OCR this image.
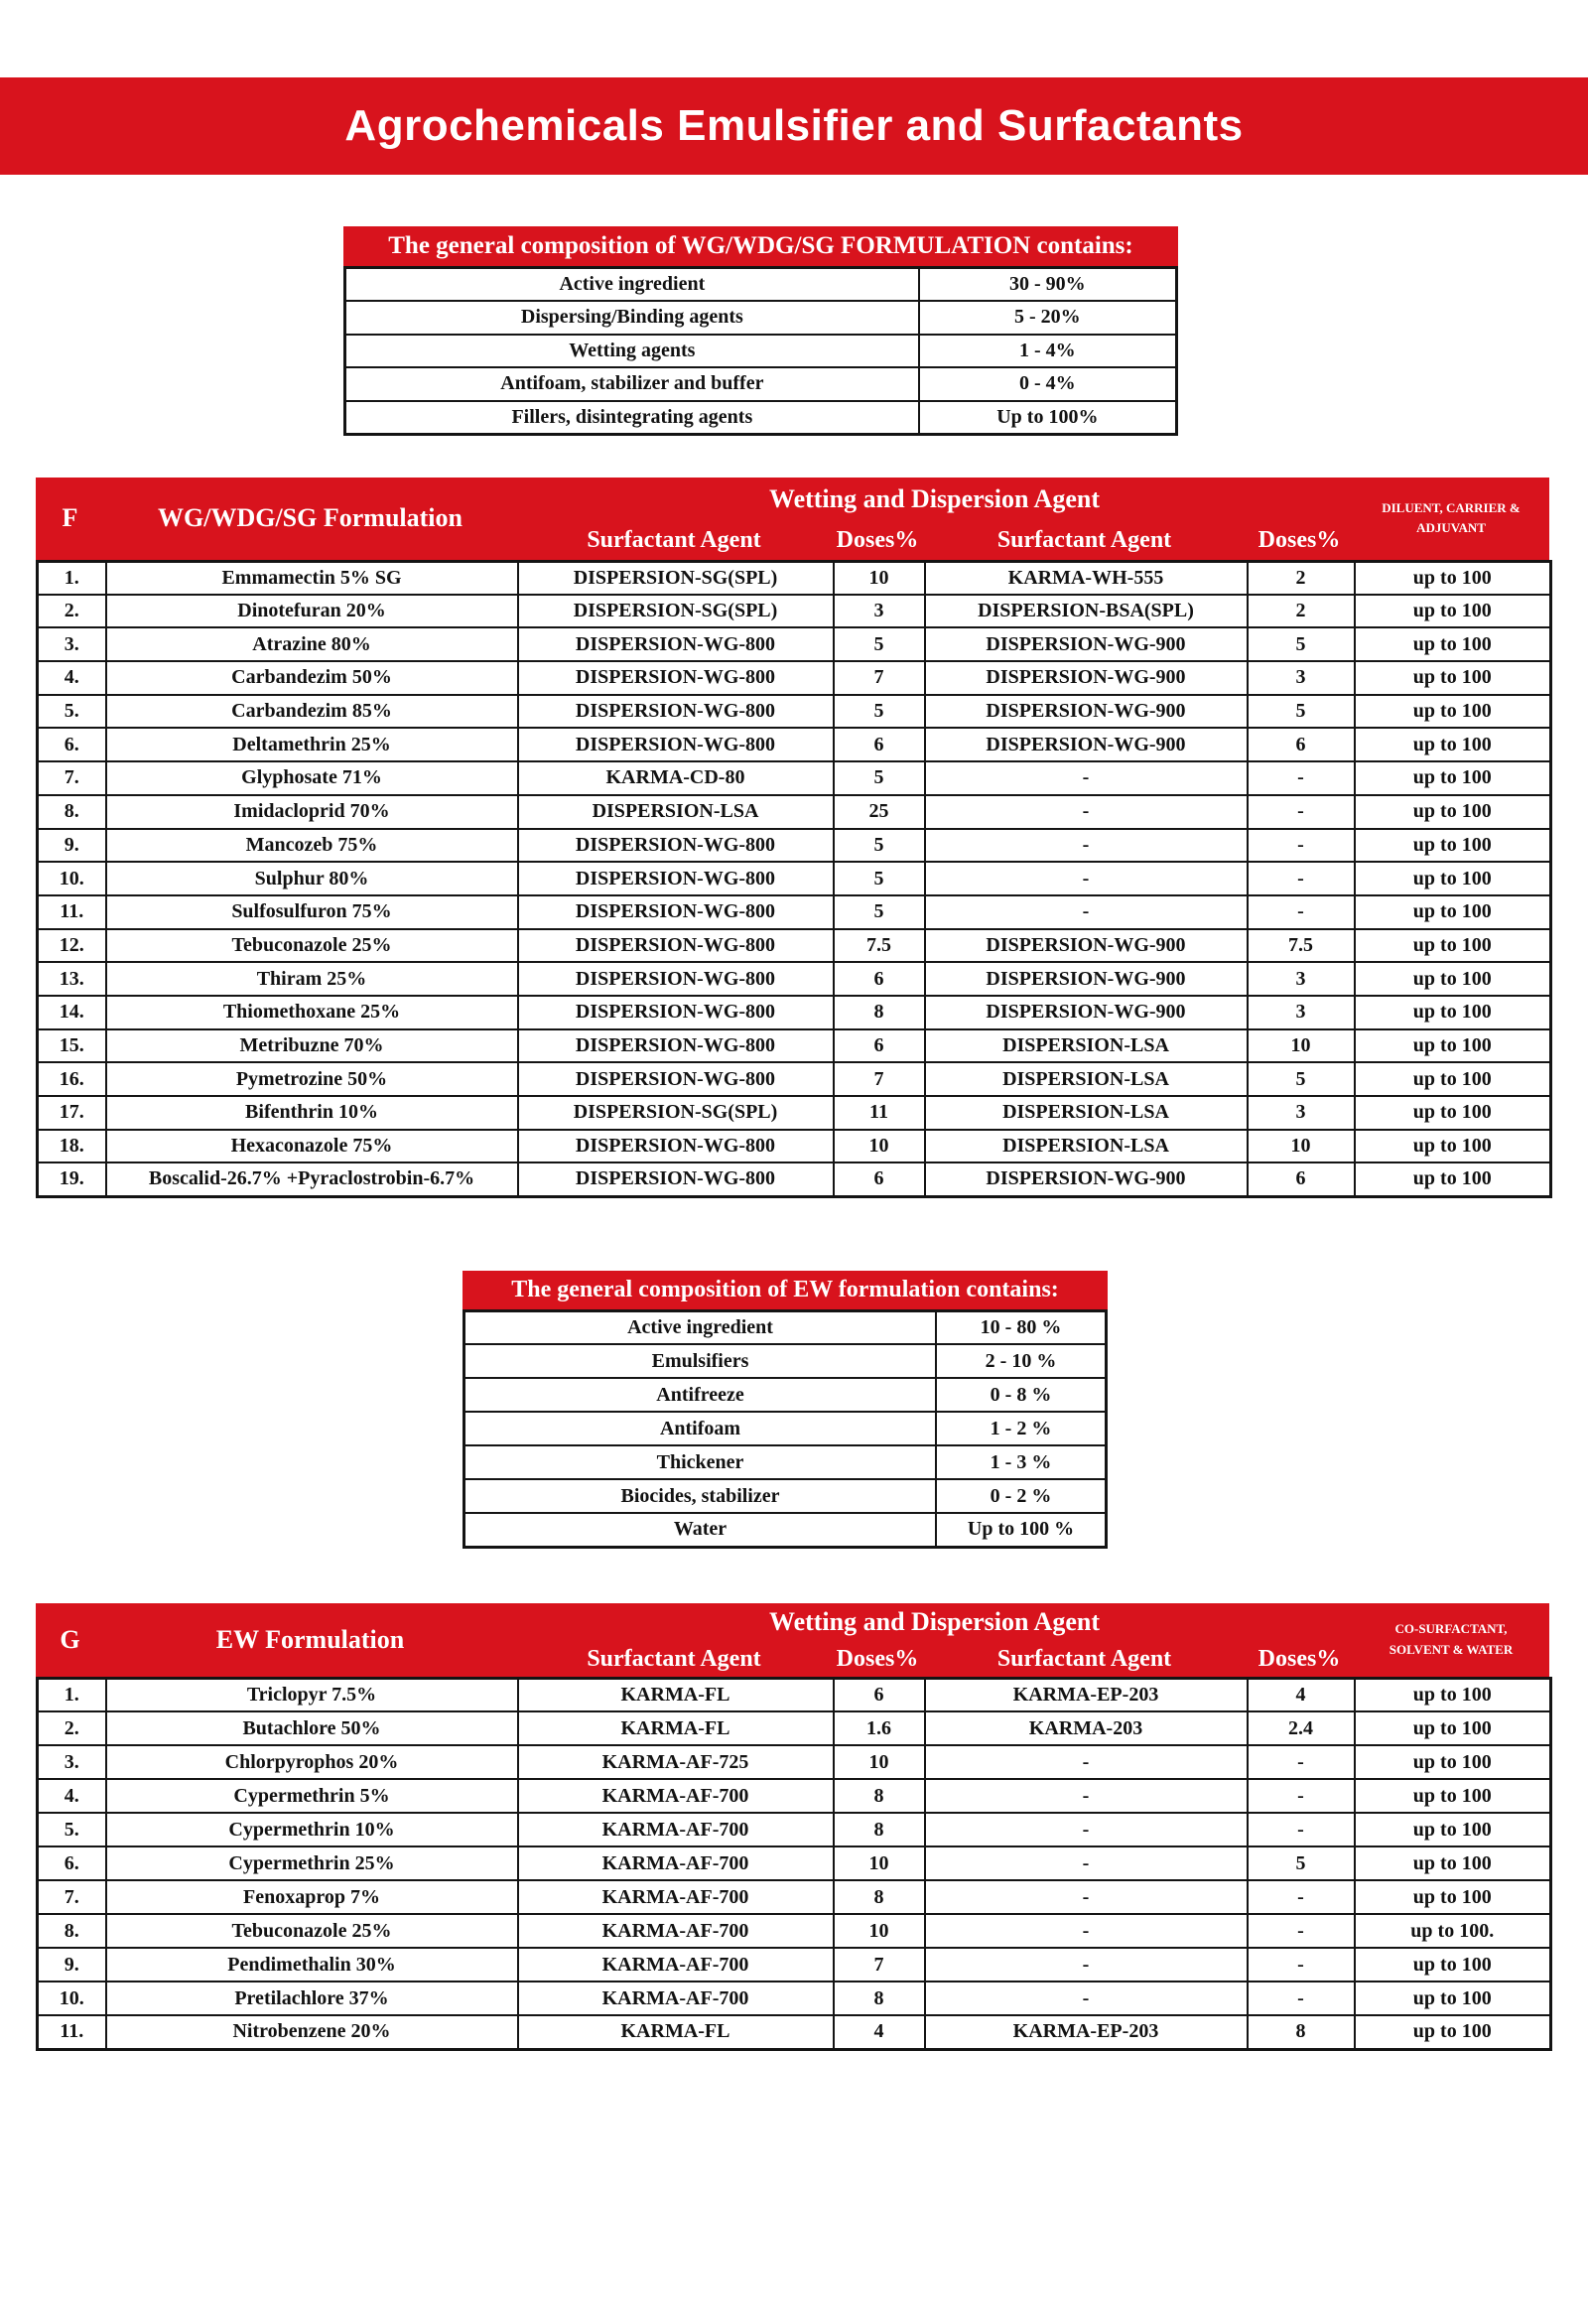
Agrochemicals Emulsifier and Surfactants
The general composition of WG/WDG/SG FORMULATION contains:
Active ingredient	30 - 90%
Dispersing/Binding agents	5 - 20%
Wetting agents	1 - 4%
Antifoam, stabilizer and buffer	0 - 4%
Fillers, disintegrating agents	Up to 100%
F	WG/WDG/SG Formulation
Wetting and Dispersion Agent
Surfactant Agent	Doses%	Surfactant Agent	Doses%
DILUENT, CARRIER & ADJUVANT
1.	Emmamectin 5% SG	DISPERSION-SG(SPL)	10	KARMA-WH-555	2	up to 100
2.	Dinotefuran 20%	DISPERSION-SG(SPL)	3	DISPERSION-BSA(SPL)	2	up to 100
3.	Atrazine 80%	DISPERSION-WG-800	5	DISPERSION-WG-900	5	up to 100
4.	Carbandezim 50%	DISPERSION-WG-800	7	DISPERSION-WG-900	3	up to 100
5.	Carbandezim 85%	DISPERSION-WG-800	5	DISPERSION-WG-900	5	up to 100
6.	Deltamethrin 25%	DISPERSION-WG-800	6	DISPERSION-WG-900	6	up to 100
7.	Glyphosate 71%	KARMA-CD-80	5	-	-	up to 100
8.	Imidacloprid 70%	DISPERSION-LSA	25	-	-	up to 100
9.	Mancozeb 75%	DISPERSION-WG-800	5	-	-	up to 100
10.	Sulphur 80%	DISPERSION-WG-800	5	-	-	up to 100
11.	Sulfosulfuron 75%	DISPERSION-WG-800	5	-	-	up to 100
12.	Tebuconazole 25%	DISPERSION-WG-800	7.5	DISPERSION-WG-900	7.5	up to 100
13.	Thiram 25%	DISPERSION-WG-800	6	DISPERSION-WG-900	3	up to 100
14.	Thiomethoxane 25%	DISPERSION-WG-800	8	DISPERSION-WG-900	3	up to 100
15.	Metribuzne 70%	DISPERSION-WG-800	6	DISPERSION-LSA	10	up to 100
16.	Pymetrozine 50%	DISPERSION-WG-800	7	DISPERSION-LSA	5	up to 100
17.	Bifenthrin 10%	DISPERSION-SG(SPL)	11	DISPERSION-LSA	3	up to 100
18.	Hexaconazole 75%	DISPERSION-WG-800	10	DISPERSION-LSA	10	up to 100
19.	Boscalid-26.7% +Pyraclostrobin-6.7%	DISPERSION-WG-800	6	DISPERSION-WG-900	6	up to 100
The general composition of EW formulation contains:
Active ingredient	10 - 80 %
Emulsifiers	2 - 10 %
Antifreeze	0 - 8 %
Antifoam	1 - 2 %
Thickener	1 - 3 %
Biocides, stabilizer	0 - 2 %
Water	Up to 100 %
G	EW Formulation
Wetting and Dispersion Agent
Surfactant Agent	Doses%	Surfactant Agent	Doses%
CO-SURFACTANT, SOLVENT & WATER
1.	Triclopyr 7.5%	KARMA-FL	6	KARMA-EP-203	4	up to 100
2.	Butachlore 50%	KARMA-FL	1.6	KARMA-203	2.4	up to 100
3.	Chlorpyrophos 20%	KARMA-AF-725	10	-	-	up to 100
4.	Cypermethrin 5%	KARMA-AF-700	8	-	-	up to 100
5.	Cypermethrin 10%	KARMA-AF-700	8	-	-	up to 100
6.	Cypermethrin 25%	KARMA-AF-700	10	-	5	up to 100
7.	Fenoxaprop 7%	KARMA-AF-700	8	-	-	up to 100
8.	Tebuconazole 25%	KARMA-AF-700	10	-	-	up to 100.
9.	Pendimethalin 30%	KARMA-AF-700	7	-	-	up to 100
10.	Pretilachlore 37%	KARMA-AF-700	8	-	-	up to 100
11.	Nitrobenzene 20%	KARMA-FL	4	KARMA-EP-203	8	up to 100
